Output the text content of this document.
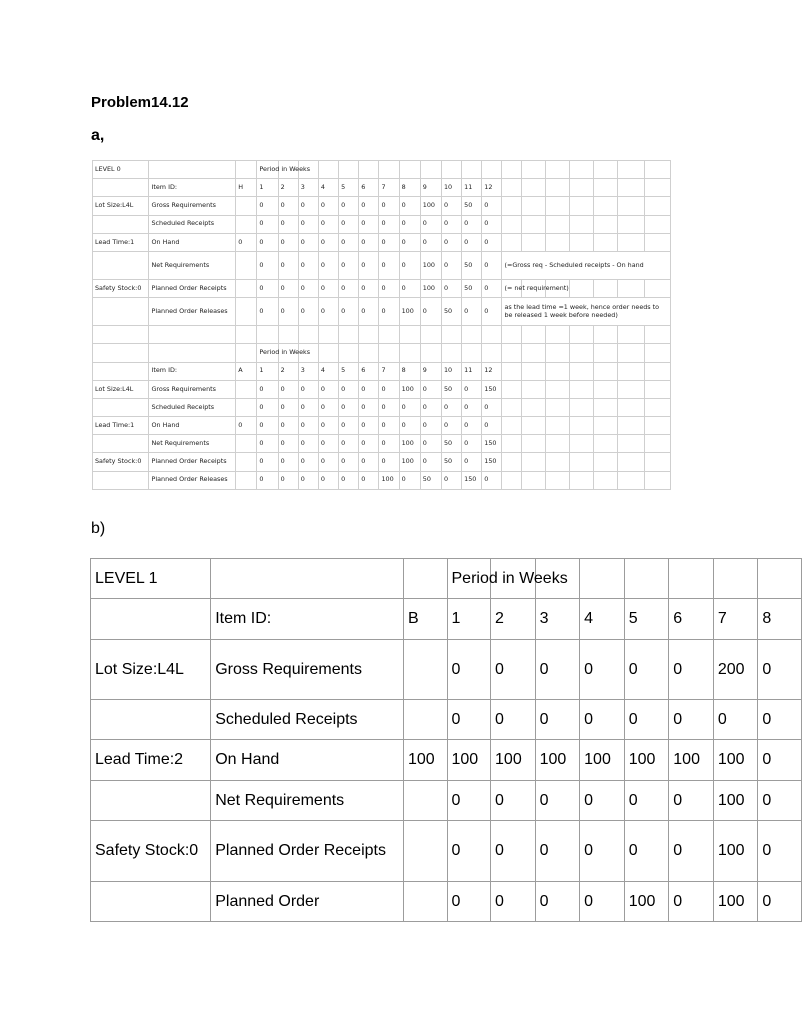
Problem14.12
a,
LEVEL 0			Period in Weeks																		
	Item ID:	H	1	2	3	4	5	6	7	8	9	10	11	12							
Lot Size:L4L	Gross Requirements		0	0	0	0	0	0	0	0	100	0	50	0							
	Scheduled Receipts		0	0	0	0	0	0	0	0	0	0	0	0							
Lead Time:1	On Hand	0	0	0	0	0	0	0	0	0	0	0	0	0							
	Net Requirements		0	0	0	0	0	0	0	0	100	0	50	0	(=Gross req - Scheduled receipts - On hand						
Safety Stock:0	Planned Order Receipts		0	0	0	0	0	0	0	0	100	0	50	0	(= net requirement)						
	Planned Order Releases		0	0	0	0	0	0	0	100	0	50	0	0	as the lead time =1 week, hence order needs to be released 1 week before needed)						

			Period in Weeks																		
	Item ID:	A	1	2	3	4	5	6	7	8	9	10	11	12							
Lot Size:L4L	Gross Requirements		0	0	0	0	0	0	0	100	0	50	0	150							
	Scheduled Receipts		0	0	0	0	0	0	0	0	0	0	0	0							
Lead Time:1	On Hand	0	0	0	0	0	0	0	0	0	0	0	0	0							
	Net Requirements		0	0	0	0	0	0	0	100	0	50	0	150							
Safety Stock:0	Planned Order Receipts		0	0	0	0	0	0	0	100	0	50	0	150							
	Planned Order Releases		0	0	0	0	0	0	100	0	50	0	150	0							
b)
LEVEL 1			Period in Weeks							
	Item ID:	B	1	2	3	4	5	6	7	8
Lot Size:L4L	Gross Requirements		0	0	0	0	0	0	200	0
	Scheduled Receipts		0	0	0	0	0	0	0	0
Lead Time:2	On Hand	100	100	100	100	100	100	100	100	0
	Net Requirements		0	0	0	0	0	0	100	0
Safety Stock:0	Planned Order Receipts		0	0	0	0	0	0	100	0
	Planned Order		0	0	0	0	100	0	100	0
